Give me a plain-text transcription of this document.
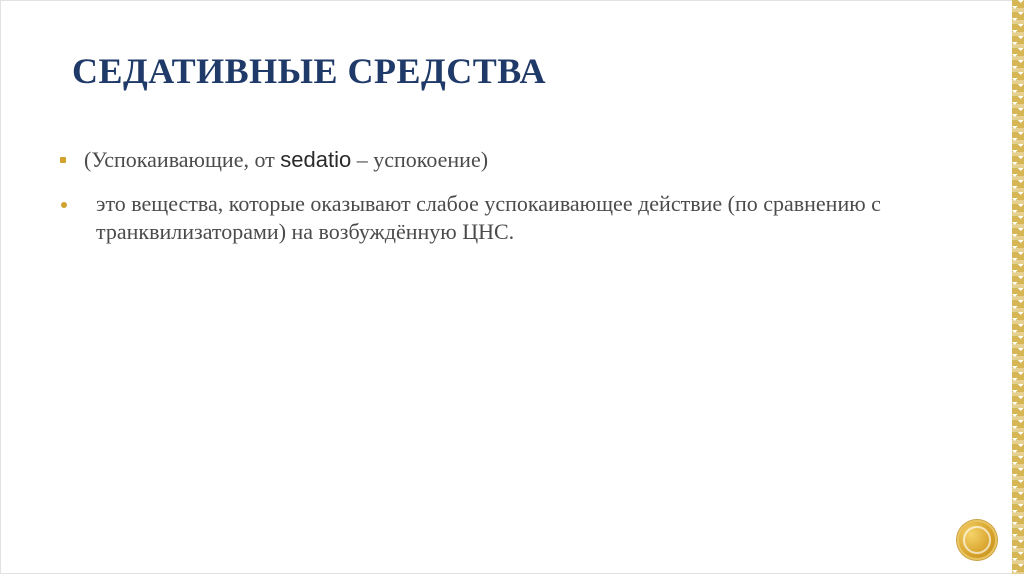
СЕДАТИВНЫЕ СРЕДСТВА
(Успокаивающие, от sedatio – успокоение)
это вещества, которые оказывают слабое успокаивающее действие (по сравнению с транквилизаторами) на возбуждённую ЦНС.
